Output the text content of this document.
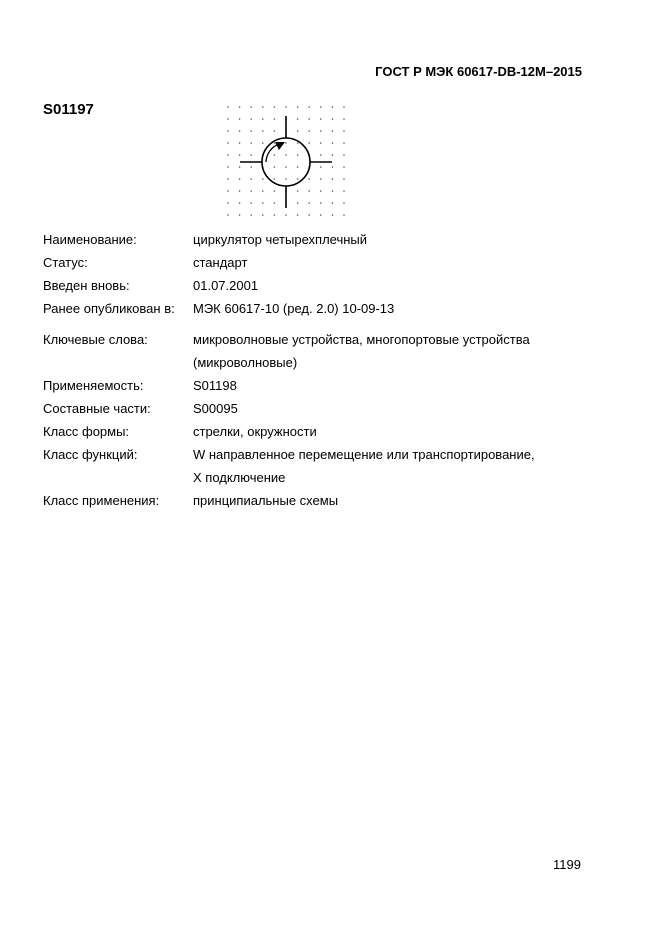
ГОСТ Р МЭК 60617-DB-12M–2015
S01197
Наименование:	циркулятор четырехплечный
Статус:	стандарт
Введен вновь:	01.07.2001
Ранее опубликован в:	МЭК 60617-10 (ред. 2.0) 10-09-13
Ключевые слова:	микроволновые устройства, многопортовые устройства
(микроволновые)
Применяемость:	S01198
Составные части:	S00095
Класс формы:	стрелки, окружности
Класс функций:	W направленное перемещение или транспортирование,
X подключение
Класс применения:	принципиальные схемы
1199
